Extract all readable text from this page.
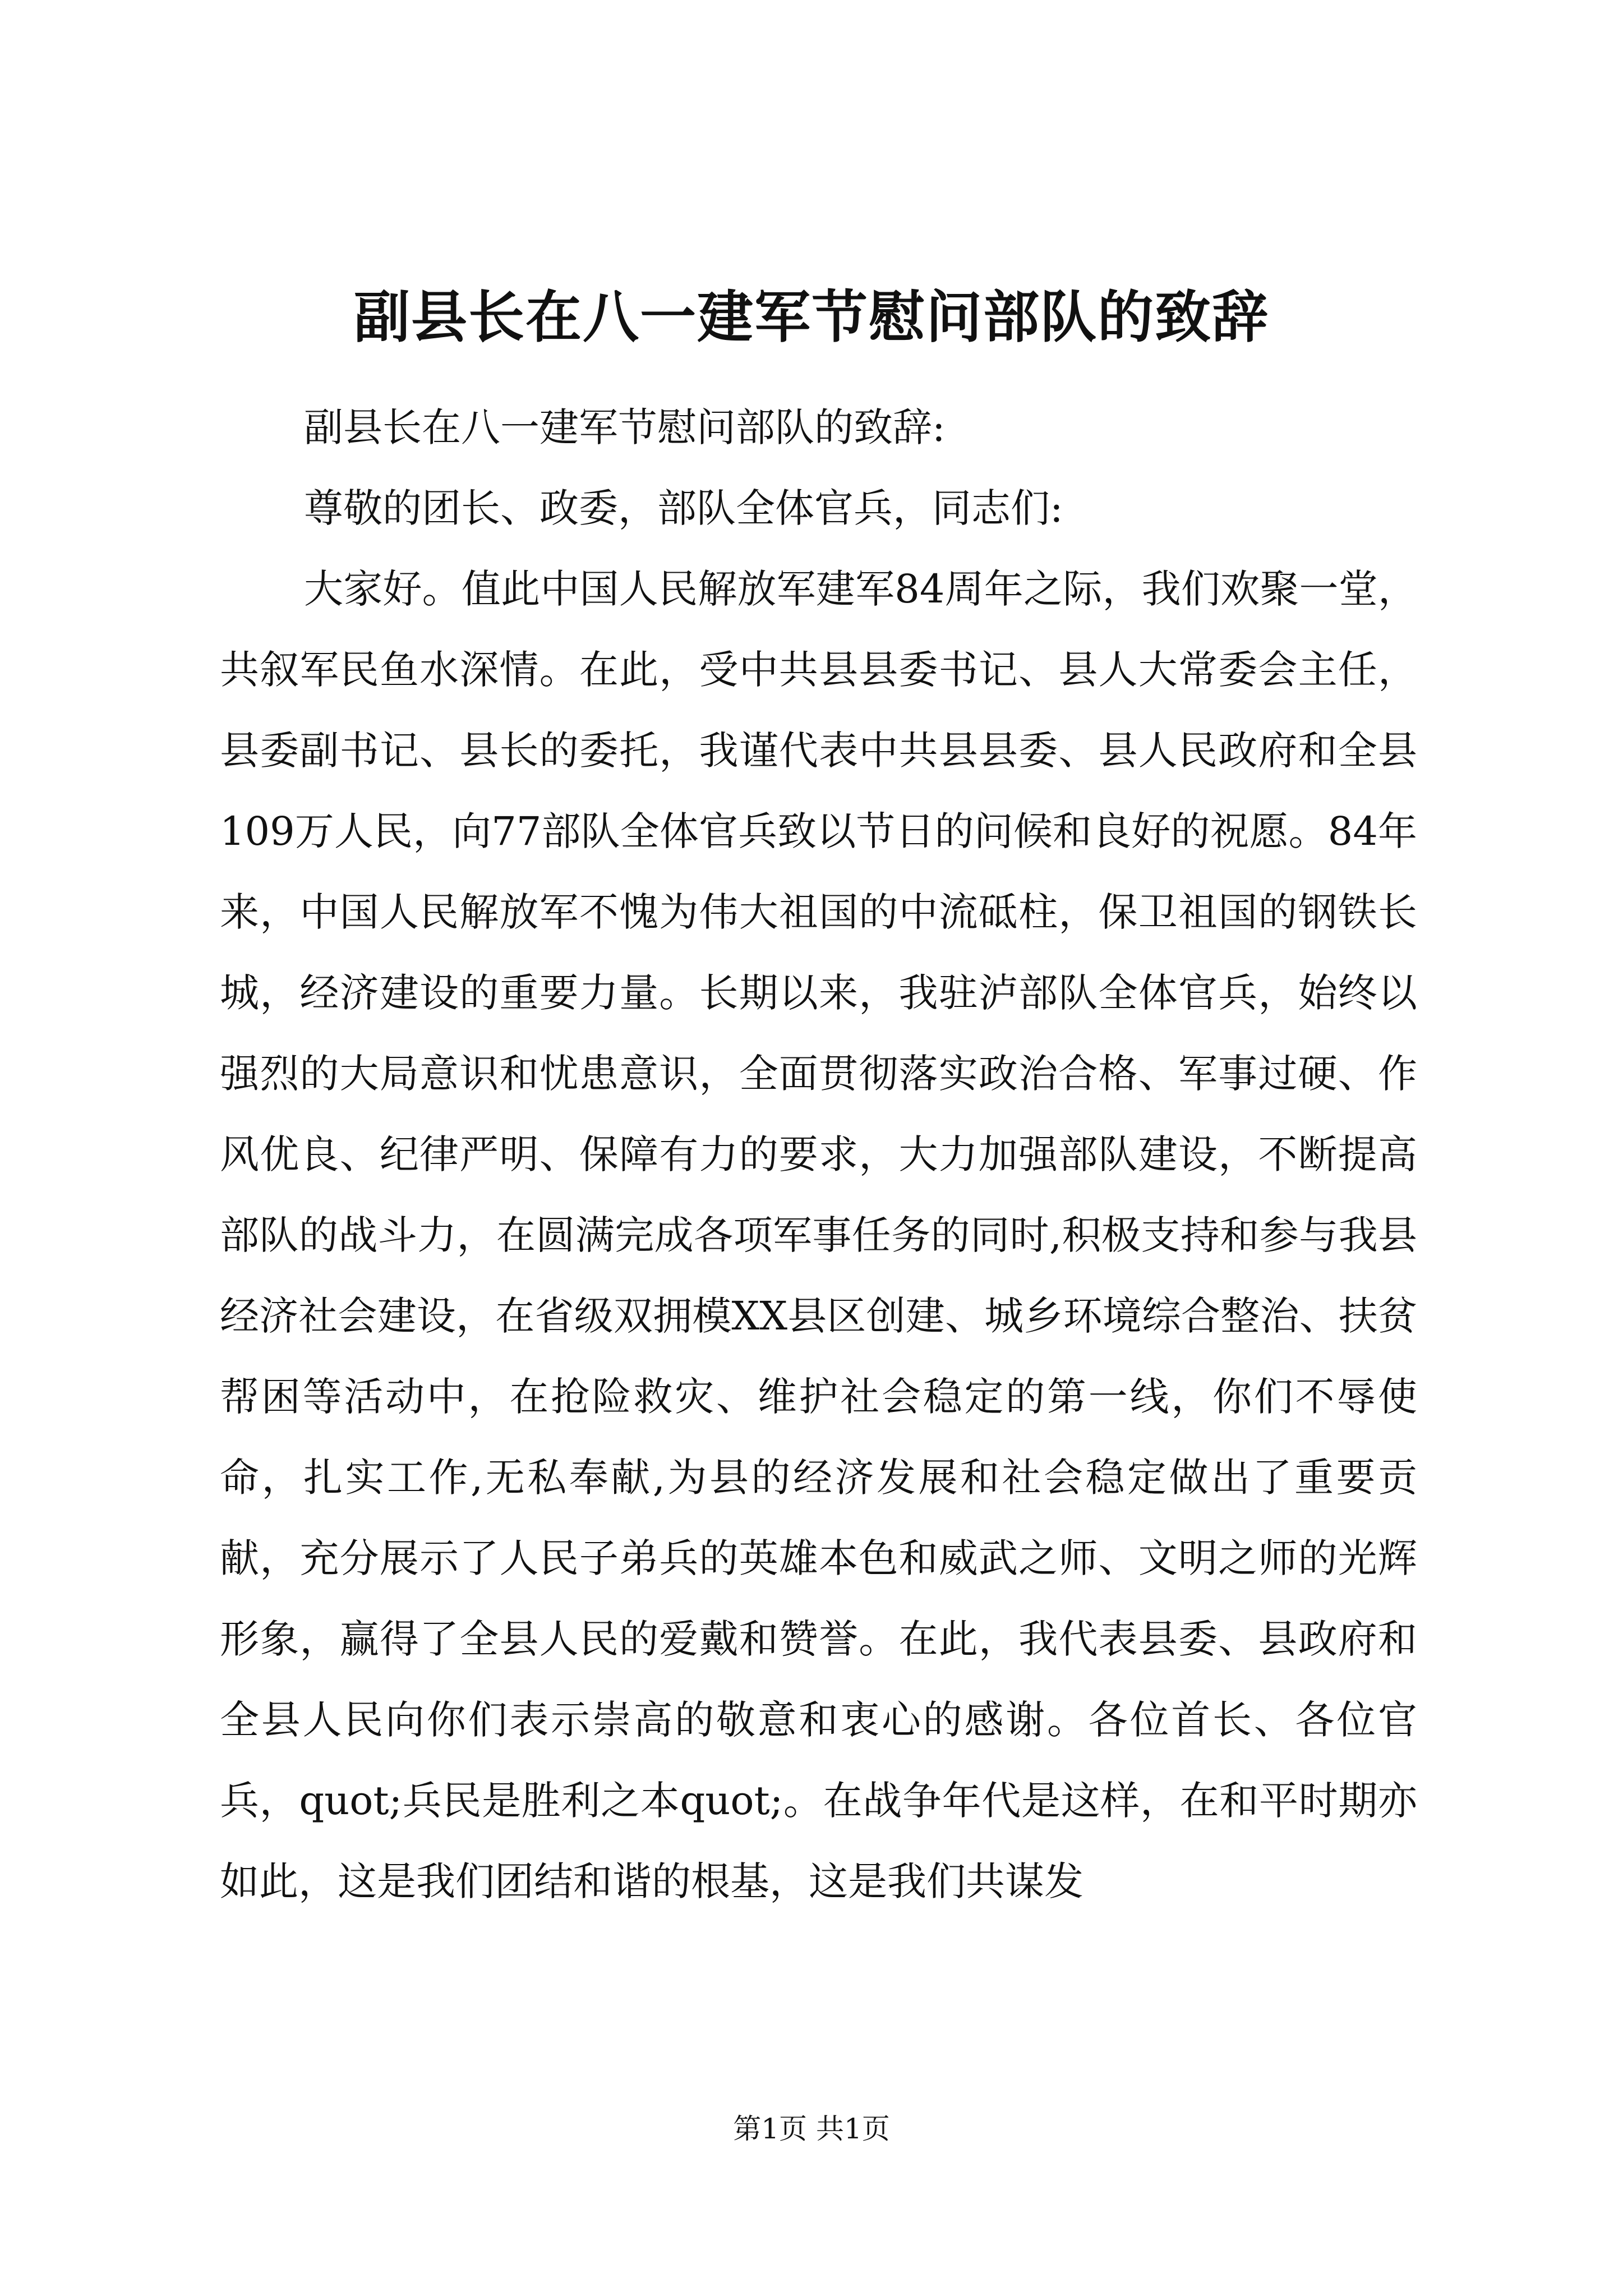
副县长在八一建军节慰问部队的致辞

副县长在八一建军节慰问部队的致辞:

尊敬的团长、政委，部队全体官兵，同志们:

大家好。值此中国人民解放军建军84周年之际，我们欢聚一堂，共叙军民鱼水深情。在此，受中共县县委书记、县人大常委会主任，县委副书记、县长的委托，我谨代表中共县县委、县人民政府和全县109万人民，向77部队全体官兵致以节日的问候和良好的祝愿。84年来，中国人民解放军不愧为伟大祖国的中流砥柱，保卫祖国的钢铁长城，经济建设的重要力量。长期以来，我驻泸部队全体官兵，始终以强烈的大局意识和忧患意识，全面贯彻落实政治合格、军事过硬、作风优良、纪律严明、保障有力的要求，大力加强部队建设，不断提高部队的战斗力，在圆满完成各项军事任务的同时,积极支持和参与我县经济社会建设，在省级双拥模XX县区创建、城乡环境综合整治、扶贫帮困等活动中，在抢险救灾、维护社会稳定的第一线，你们不辱使命，扎实工作,无私奉献,为县的经济发展和社会稳定做出了重要贡献，充分展示了人民子弟兵的英雄本色和威武之师、文明之师的光辉形象，赢得了全县人民的爱戴和赞誉。在此，我代表县委、县政府和全县人民向你们表示崇高的敬意和衷心的感谢。各位首长、各位官兵，quot;兵民是胜利之本quot;。在战争年代是这样，在和平时期亦如此，这是我们团结和谐的根基，这是我们共谋发

第1页 共1页
